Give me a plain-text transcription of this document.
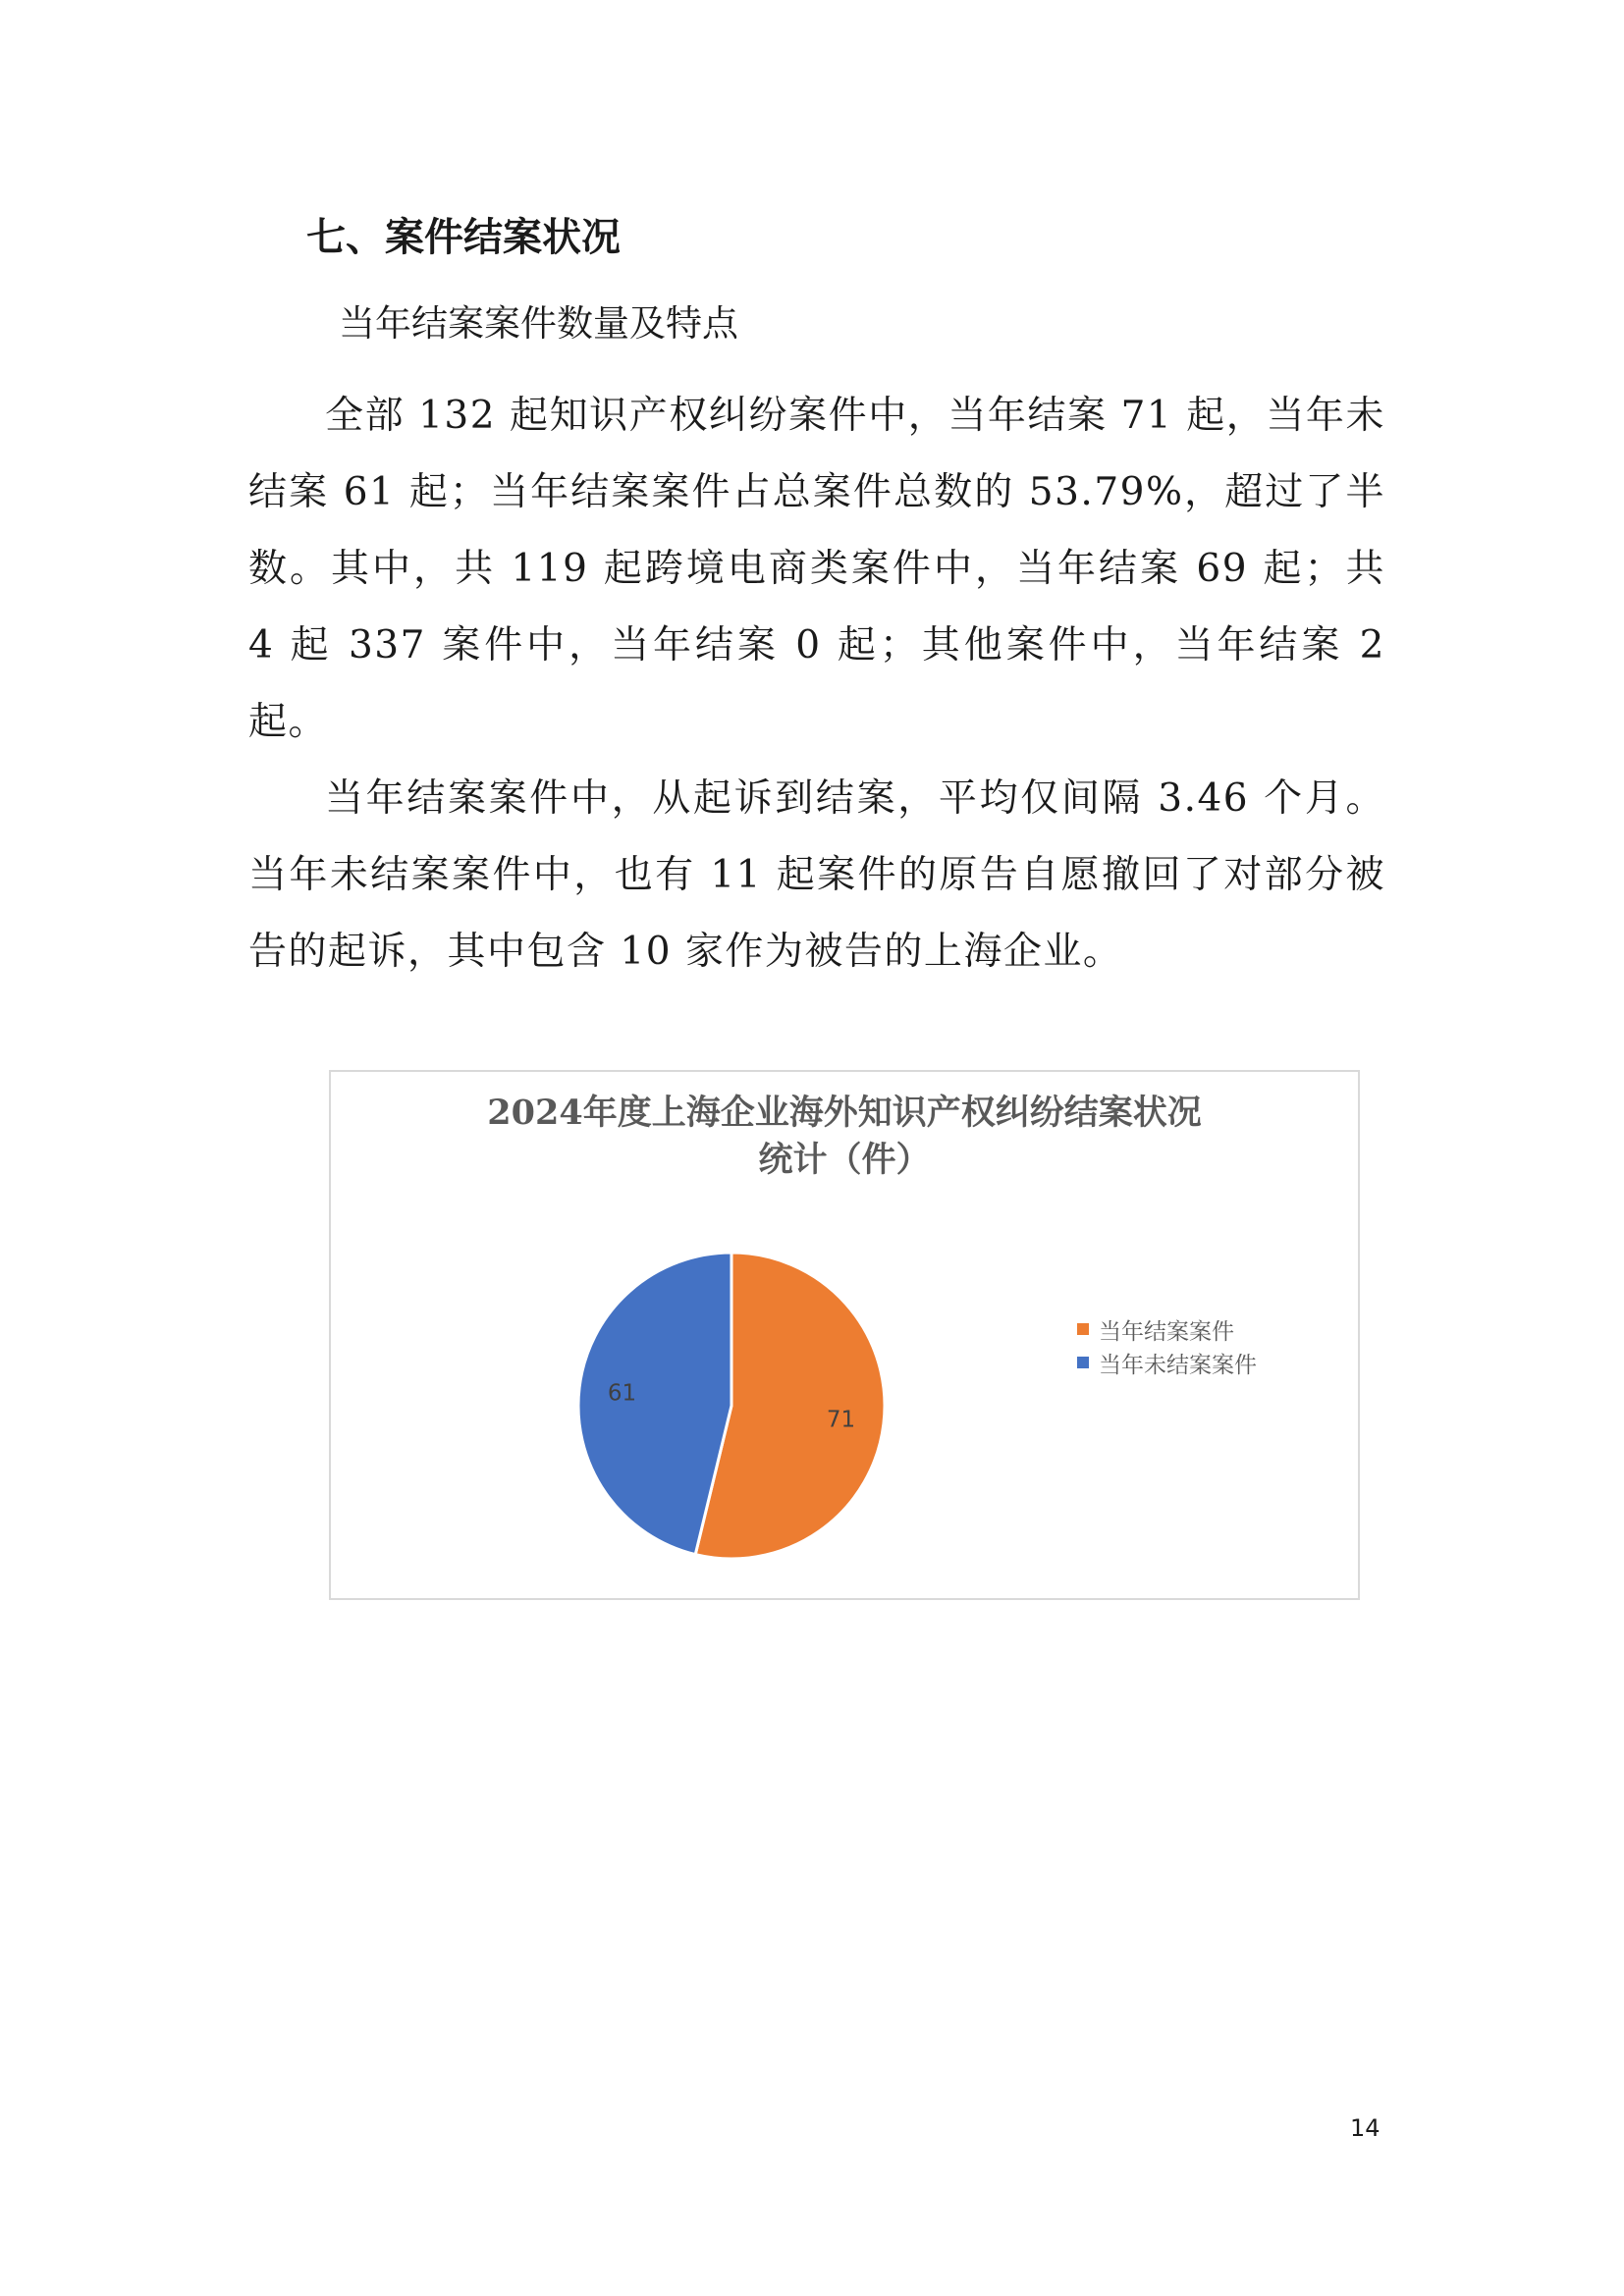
七、案件结案状况

当年结案案件数量及特点

全部 132 起知识产权纠纷案件中，当年结案 71 起，当年未结案 61 起；当年结案案件占总案件总数的 53.79%，超过了半数。其中，共 119 起跨境电商类案件中，当年结案 69 起；共 4 起 337 案件中，当年结案 0 起；其他案件中，当年结案 2 起。

当年结案案件中，从起诉到结案，平均仅间隔 3.46 个月。当年未结案案件中，也有 11 起案件的原告自愿撤回了对部分被告的起诉，其中包含 10 家作为被告的上海企业。

2024年度上海企业海外知识产权纠纷结案状况
统计（件）
71
61
当年结案案件
当年未结案案件
14
